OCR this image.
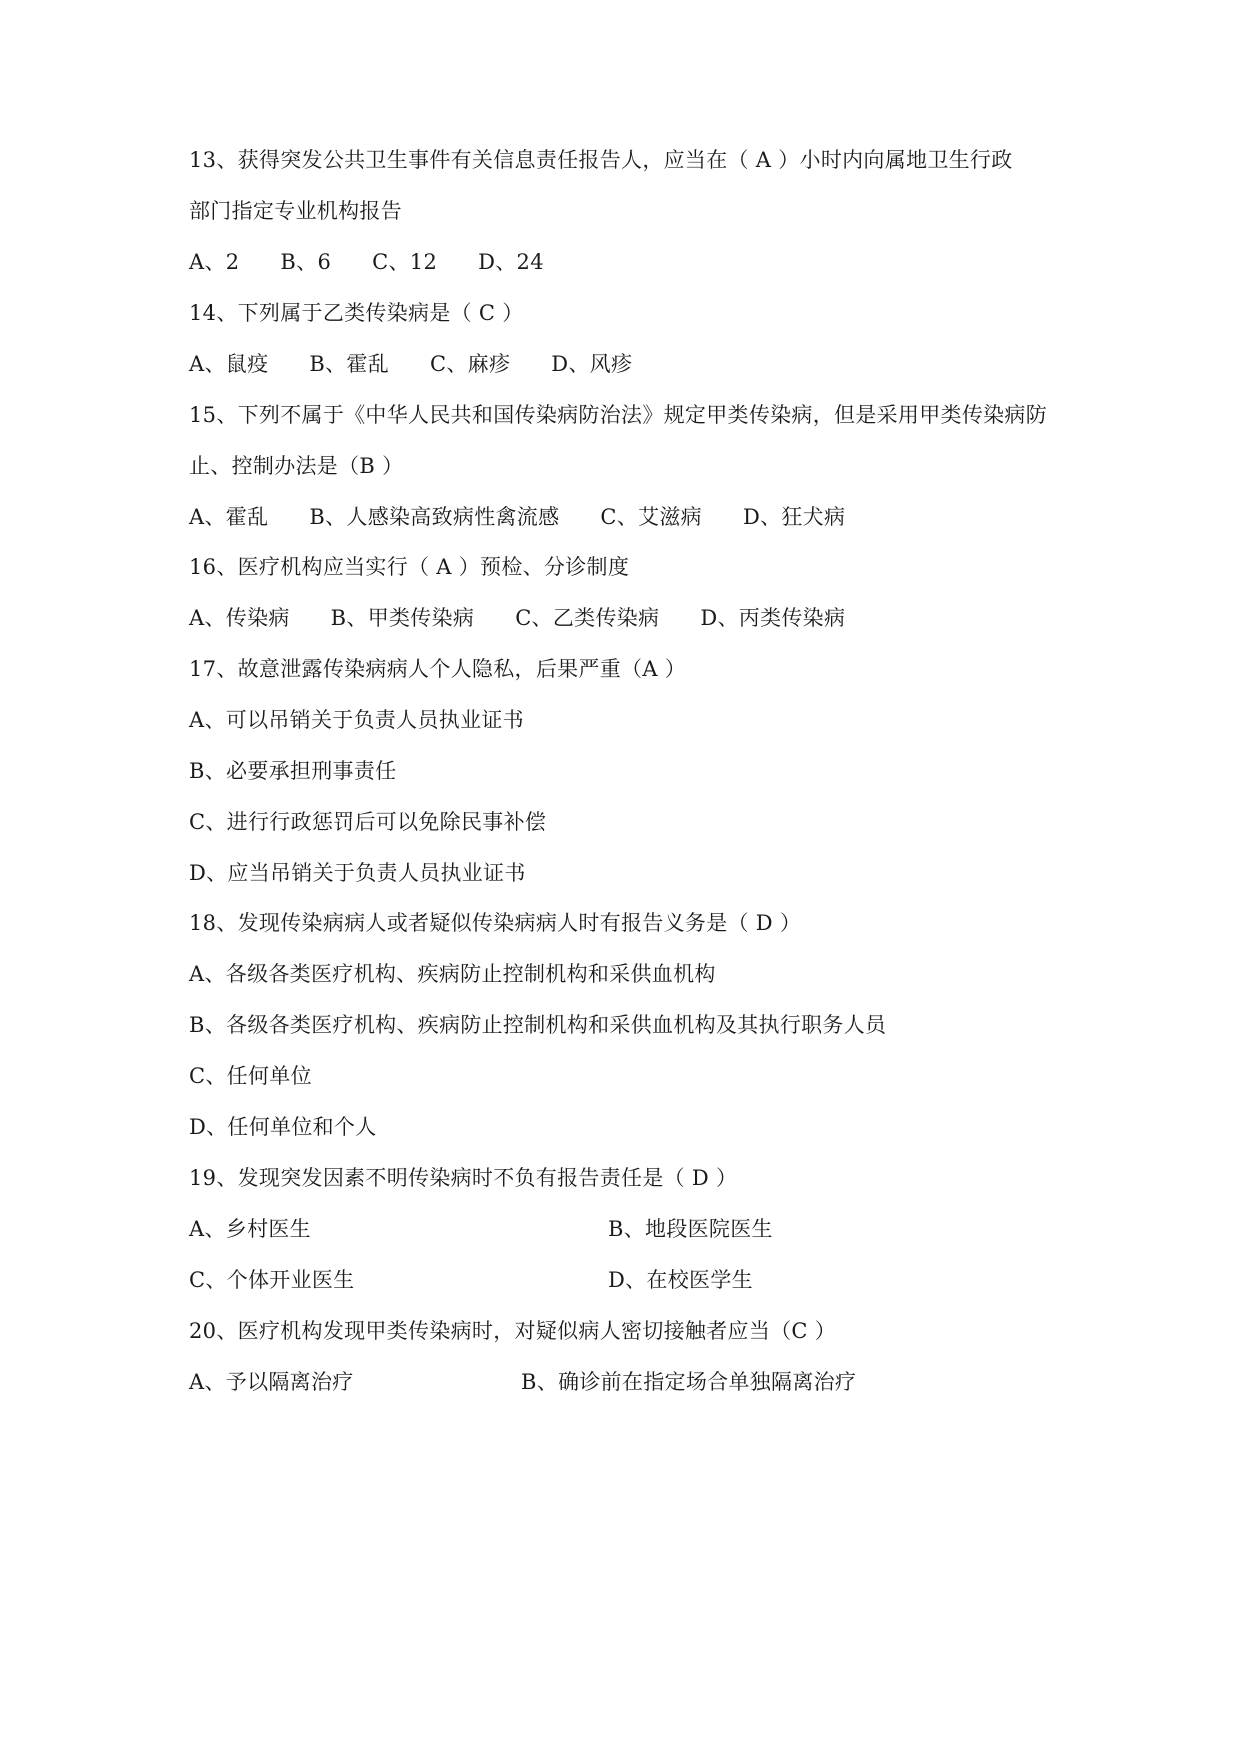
13、获得突发公共卫生事件有关信息责任报告人，应当在（ A ）小时内向属地卫生行政
部门指定专业机构报告
A、2 B、6 C、12 D、24
14、下列属于乙类传染病是（ C ）
A、鼠疫 B、霍乱 C、麻疹 D、风疹
15、下列不属于《中华人民共和国传染病防治法》规定甲类传染病，但是采用甲类传染病防
止、控制办法是（B ）
A、霍乱 B、人感染高致病性禽流感 C、艾滋病 D、狂犬病
16、医疗机构应当实行（ A ）预检、分诊制度
A、传染病 B、甲类传染病 C、乙类传染病 D、丙类传染病
17、故意泄露传染病病人个人隐私，后果严重（A ）
A、可以吊销关于负责人员执业证书
B、必要承担刑事责任
C、进行行政惩罚后可以免除民事补偿
D、应当吊销关于负责人员执业证书
18、发现传染病病人或者疑似传染病病人时有报告义务是（ D ）
A、各级各类医疗机构、疾病防止控制机构和采供血机构
B、各级各类医疗机构、疾病防止控制机构和采供血机构及其执行职务人员
C、任何单位
D、任何单位和个人
19、发现突发因素不明传染病时不负有报告责任是（ D ）
A、乡村医生	B、地段医院医生
C、个体开业医生	D、在校医学生
20、医疗机构发现甲类传染病时，对疑似病人密切接触者应当（C ）
A、予以隔离治疗	B、确诊前在指定场合单独隔离治疗
